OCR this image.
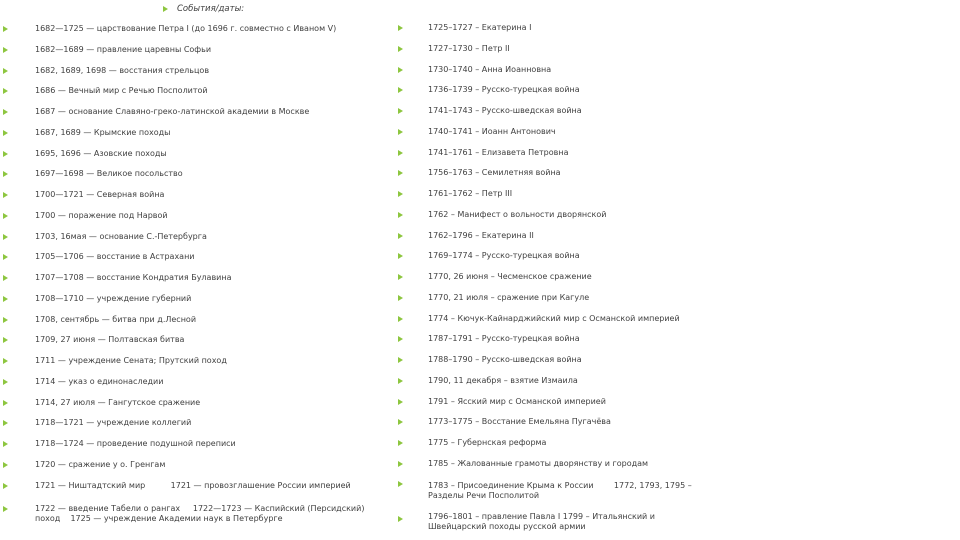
События/даты:
1682—1725 — царствование Петра I (до 1696 г. совместно с Иваном V)
1682—1689 — правление царевны Софьи
1682, 1689, 1698 — восстания стрельцов
1686 — Вечный мир с Речью Посполитой
1687 — основание Славяно-греко-латинской академии в Москве
1687, 1689 — Крымские походы
1695, 1696 — Азовские походы
1697—1698 — Великое посольство
1700—1721 — Северная война
1700 — поражение под Нарвой
1703, 16мая — основание С.-Петербурга
1705—1706 — восстание в Астрахани
1707—1708 — восстание Кондратия Булавина
1708—1710 — учреждение губерний
1708, сентябрь — битва при д.Лесной
1709, 27 июня — Полтавская битва
1711 — учреждение Сената; Прутский поход
1714 — указ о единонаследии
1714, 27 июля — Гангутское сражение
1718—1721 — учреждение коллегий
1718—1724 — проведение подушной переписи
1720 — сражение у о. Гренгам
1721 — Ништадтский мир          1721 — провозглашение России империей
1722 — введение Табели о рангах     1722—1723 — Каспийский (Персидский)
поход    1725 — учреждение Академии наук в Петербурге
1725–1727 – Екатерина I
1727–1730 – Петр II
1730–1740 – Анна Иоанновна
1736–1739 – Русско-турецкая война
1741–1743 – Русско-шведская война
1740–1741 – Иоанн Антонович
1741–1761 – Елизавета Петровна
1756–1763 – Семилетняя война
1761–1762 – Петр III
1762 – Манифест о вольности дворянской
1762–1796 – Екатерина II
1769–1774 – Русско-турецкая война
1770, 26 июня – Чесменское сражение
1770, 21 июля – сражение при Кагуле
1774 – Кючук-Кайнарджийский мир с Османской империей
1787–1791 – Русско-турецкая война
1788–1790 – Русско-шведская война
1790, 11 декабря – взятие Измаила
1791 – Ясский мир с Османской империей
1773–1775 – Восстание Емельяна Пугачёва
1775 – Губернская реформа
1785 – Жалованные грамоты дворянству и городам
1783 – Присоединение Крыма к России        1772, 1793, 1795 –
Разделы Речи Посполитой
1796–1801 – правление Павла I 1799 – Итальянский и
Швейцарский походы русской армии
